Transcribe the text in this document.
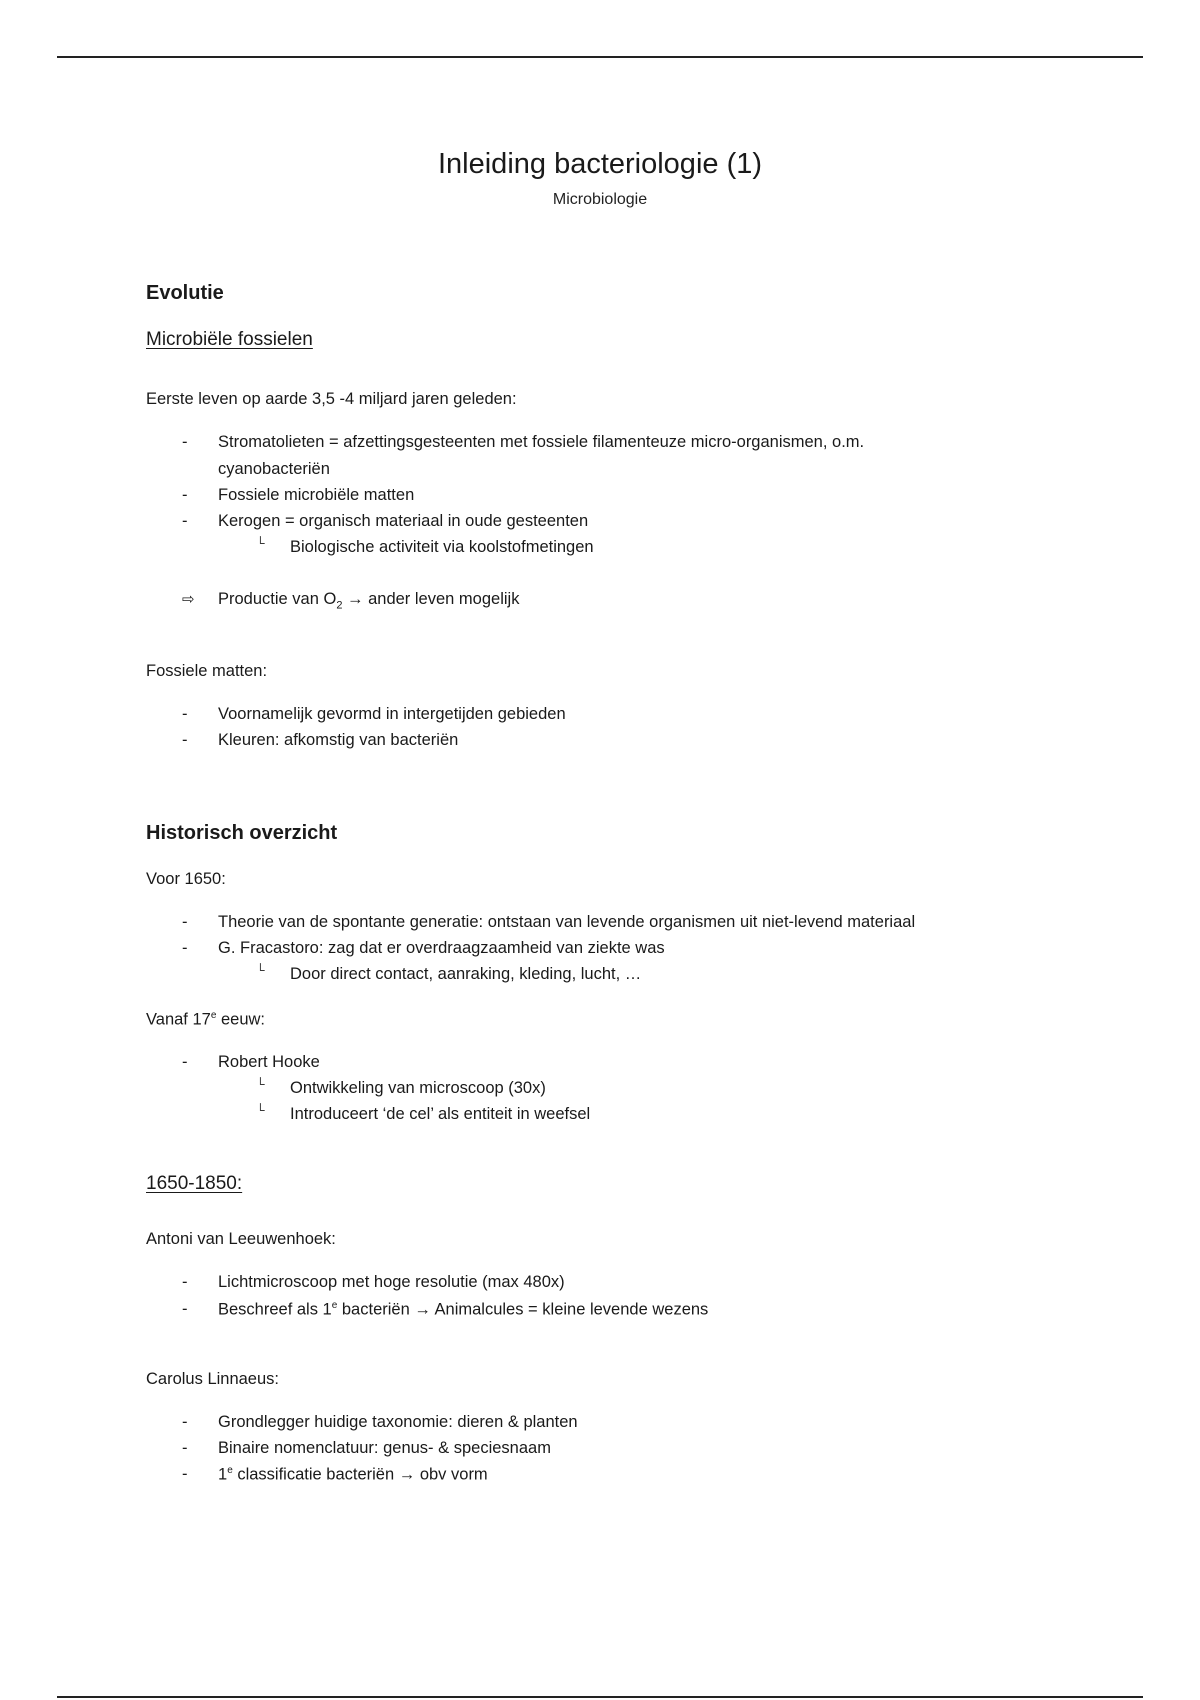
Inleiding bacteriologie (1)
Microbiologie
Evolutie
Microbiële fossielen
Eerste leven op aarde 3,5 -4 miljard jaren geleden:
- Stromatolieten = afzettingsgesteenten met fossiele filamenteuze micro-organismen, o.m.
cyanobacteriën
- Fossiele microbiële matten
- Kerogen = organisch materiaal in oude gesteenten
└ Biologische activiteit via koolstofmetingen
⇨ Productie van $O_2$ → ander leven mogelijk
Fossiele matten:
- Voornamelijk gevormd in intergetijden gebieden
- Kleuren: afkomstig van bacteriën
Historisch overzicht
Voor 1650:
- Theorie van de spontante generatie: ontstaan van levende organismen uit niet-levend materiaal
- G. Fracastoro: zag dat er overdraagzaamheid van ziekte was
└ Door direct contact, aanraking, kleding, lucht, …
Vanaf 17e eeuw:
- Robert Hooke
└ Ontwikkeling van microscoop (30x)
└ Introduceert ‘de cel’ als entiteit in weefsel
1650-1850:
Antoni van Leeuwenhoek:
- Lichtmicroscoop met hoge resolutie (max 480x)
- Beschreef als 1e bacteriën → Animalcules = kleine levende wezens
Carolus Linnaeus:
- Grondlegger huidige taxonomie: dieren & planten
- Binaire nomenclatuur: genus- & speciesnaam
- 1e classificatie bacteriën → obv vorm
